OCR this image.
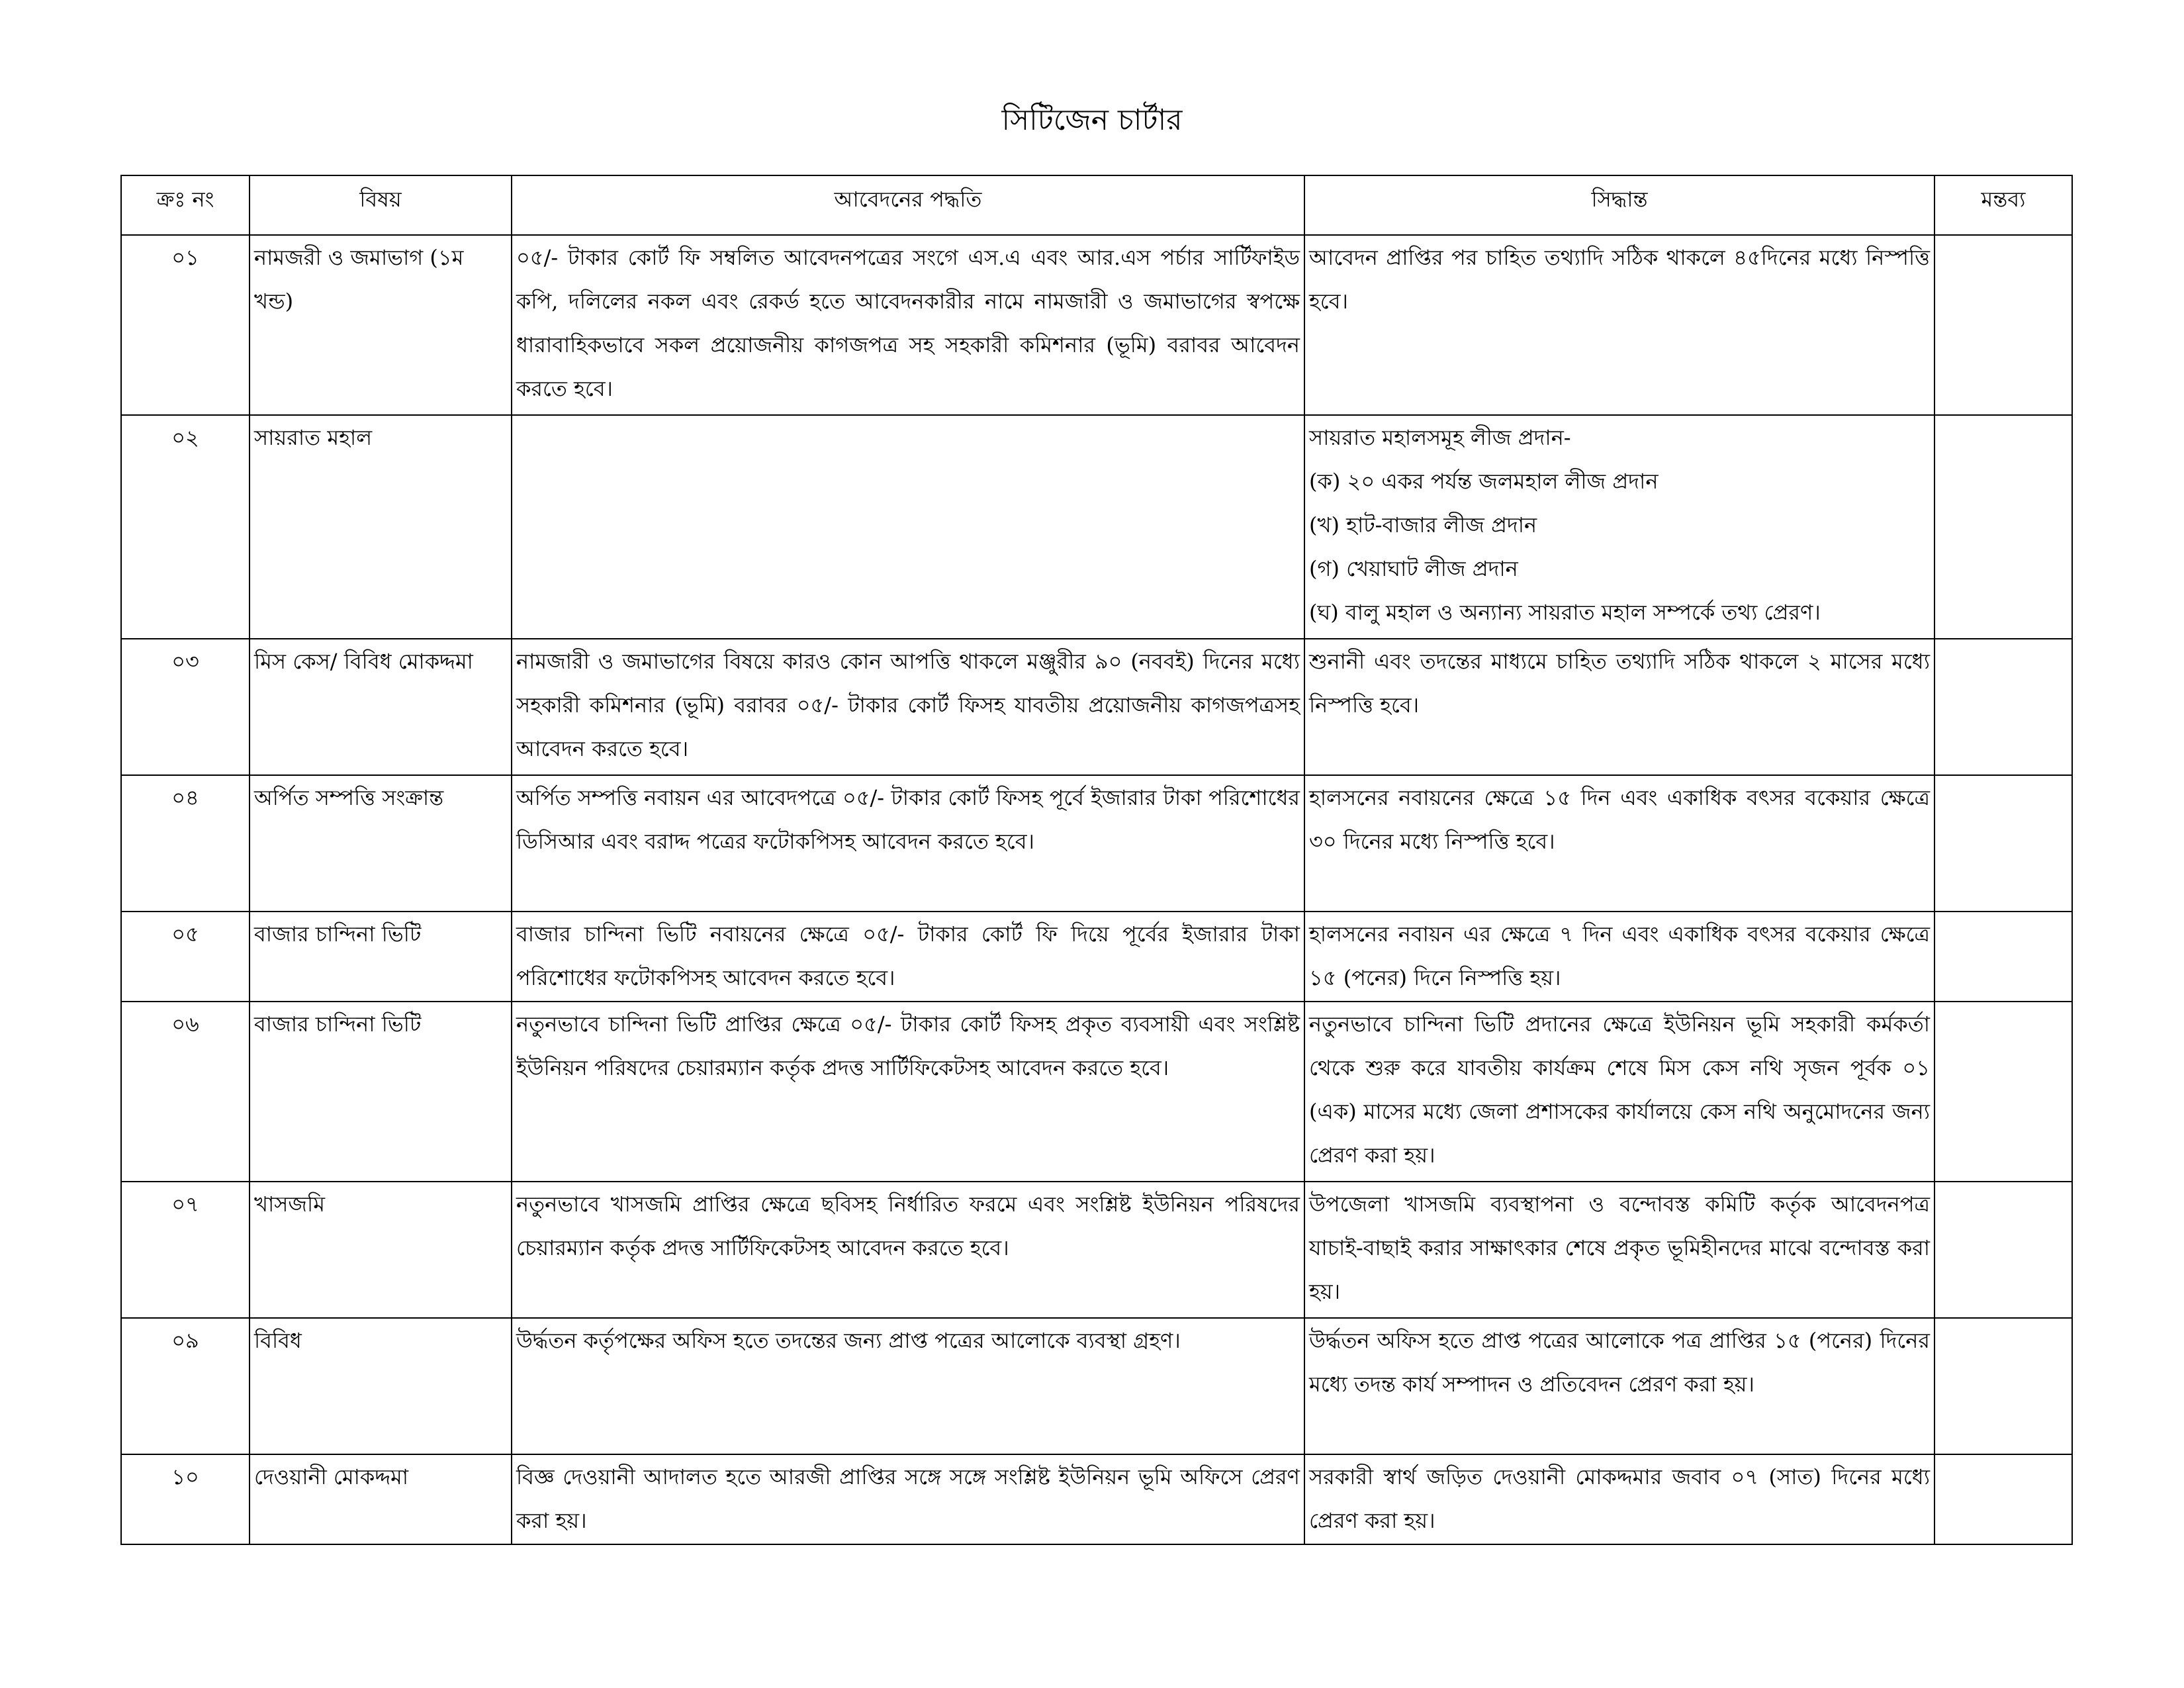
সিটিজেন চার্টার
ক্রঃ নং	বিষয়	আবেদনের পদ্ধতি	সিদ্ধান্ত	মন্তব্য
০১	নামজরী ও জমাভাগ (১ম খন্ড)	০৫/- টাকার কোর্ট ফি সম্বলিত আবেদনপত্রের সংগে এস.এ এবং আর.এস পর্চার সার্টিফাইড কপি, দলিলের নকল এবং রেকর্ড হতে আবেদনকারীর নামে নামজারী ও জমাভাগের স্বপক্ষে ধারাবাহিকভাবে সকল প্রয়োজনীয় কাগজপত্র সহ সহকারী কমিশনার (ভূমি) বরাবর আবেদন করতে হবে।	আবেদন প্রাপ্তির পর চাহিত তথ্যাদি সঠিক থাকলে ৪৫দিনের মধ্যে নিস্পত্তি হবে।	
০২	সায়রাত মহাল		সায়রাত মহালসমূহ লীজ প্রদান-
(ক) ২০ একর পর্যন্ত জলমহাল লীজ প্রদান
(খ) হাট-বাজার লীজ প্রদান
(গ) খেয়াঘাট লীজ প্রদান
(ঘ) বালু মহাল ও অন্যান্য সায়রাত মহাল সম্পর্কে তথ্য প্রেরণ।	

০৩	মিস কেস/ বিবিধ মোকদ্দমা	নামজারী ও জমাভাগের বিষয়ে কারও কোন আপত্তি থাকলে মঞ্জুরীর ৯০ (নববই) দিনের মধ্যে সহকারী কমিশনার (ভূমি) বরাবর ০৫/- টাকার কোর্ট ফিসহ যাবতীয় প্রয়োজনীয় কাগজপত্রসহ আবেদন করতে হবে।	শুনানী এবং তদন্তের মাধ্যমে চাহিত তথ্যাদি সঠিক থাকলে ২ মাসের মধ্যে নিস্পত্তি হবে।	
০৪	অর্পিত সম্পত্তি সংক্রান্ত	অর্পিত সম্পত্তি নবায়ন এর আবেদপত্রে ০৫/- টাকার কোর্ট ফিসহ পূর্বে ইজারার টাকা পরিশোধের ডিসিআর এবং বরাদ্দ পত্রের ফটোকপিসহ আবেদন করতে হবে।	হালসনের নবায়নের ক্ষেত্রে ১৫ দিন এবং একাধিক বৎসর বকেয়ার ক্ষেত্রে ৩০ দিনের মধ্যে নিস্পত্তি হবে।	
০৫	বাজার চান্দিনা ভিটি	বাজার চান্দিনা ভিটি নবায়নের ক্ষেত্রে ০৫/- টাকার কোর্ট ফি দিয়ে পূর্বের ইজারার টাকা পরিশোধের ফটোকপিসহ আবেদন করতে হবে।	হালসনের নবায়ন এর ক্ষেত্রে ৭ দিন এবং একাধিক বৎসর বকেয়ার ক্ষেত্রে ১৫ (পনের) দিনে নিস্পত্তি হয়।	
০৬	বাজার চান্দিনা ভিটি	নতুনভাবে চান্দিনা ভিটি প্রাপ্তির ক্ষেত্রে ০৫/- টাকার কোর্ট ফিসহ প্রকৃত ব্যবসায়ী এবং সংশ্লিষ্ট ইউনিয়ন পরিষদের চেয়ারম্যান কর্তৃক প্রদত্ত সার্টিফিকেটসহ আবেদন করতে হবে।	নতুনভাবে চান্দিনা ভিটি প্রদানের ক্ষেত্রে ইউনিয়ন ভূমি সহকারী কর্মকর্তা থেকে শুরু করে যাবতীয় কার্যক্রম শেষে মিস কেস নথি সৃজন পূর্বক ০১ (এক) মাসের মধ্যে জেলা প্রশাসকের কার্যালয়ে কেস নথি অনুমোদনের জন্য প্রেরণ করা হয়।	
০৭	খাসজমি	নতুনভাবে খাসজমি প্রাপ্তির ক্ষেত্রে ছবিসহ নির্ধারিত ফরমে এবং সংশ্লিষ্ট ইউনিয়ন পরিষদের চেয়ারম্যান কর্তৃক প্রদত্ত সার্টিফিকেটসহ আবেদন করতে হবে।	উপজেলা খাসজমি ব্যবস্থাপনা ও বন্দোবস্ত কমিটি কর্তৃক আবেদনপত্র যাচাই-বাছাই করার সাক্ষাৎকার শেষে প্রকৃত ভূমিহীনদের মাঝে বন্দোবস্ত করা হয়।	
০৯	বিবিধ	উর্দ্ধতন কর্তৃপক্ষের অফিস হতে তদন্তের জন্য প্রাপ্ত পত্রের আলোকে ব্যবস্থা গ্রহণ।	উর্দ্ধতন অফিস হতে প্রাপ্ত পত্রের আলোকে পত্র প্রাপ্তির ১৫ (পনের) দিনের মধ্যে তদন্ত কার্য সম্পাদন ও প্রতিবেদন প্রেরণ করা হয়।	
১০	দেওয়ানী মোকদ্দমা	বিজ্ঞ দেওয়ানী আদালত হতে আরজী প্রাপ্তির সঙ্গে সঙ্গে সংশ্লিষ্ট ইউনিয়ন ভূমি অফিসে প্রেরণ করা হয়।	সরকারী স্বার্থ জড়িত দেওয়ানী মোকদ্দমার জবাব ০৭ (সাত) দিনের মধ্যে প্রেরণ করা হয়।	
